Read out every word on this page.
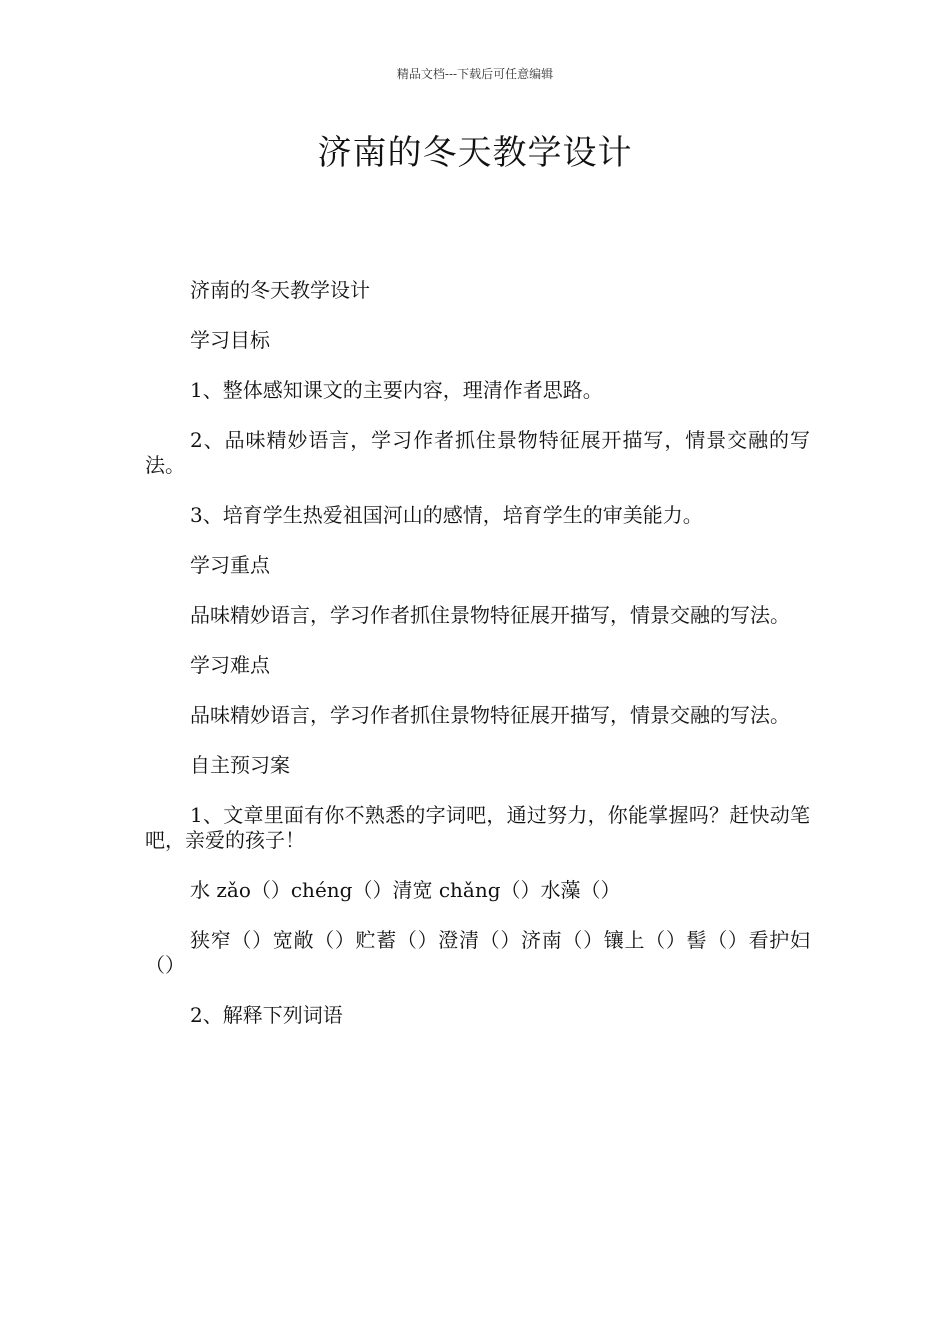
精品文档---下载后可任意编辑
济南的冬天教学设计

济南的冬天教学设计

学习目标

1、整体感知课文的主要内容，理清作者思路。

2、品味精妙语言，学习作者抓住景物特征展开描写，情景交融的写法。

3、培育学生热爱祖国河山的感情，培育学生的审美能力。

学习重点

品味精妙语言，学习作者抓住景物特征展开描写，情景交融的写法。

学习难点

品味精妙语言，学习作者抓住景物特征展开描写，情景交融的写法。

自主预习案

1、文章里面有你不熟悉的字词吧，通过努力，你能掌握吗？赶快动笔吧，亲爱的孩子！

水 zǎo（）chéng（）清宽 chǎng（）水藻（）

狭窄（）宽敞（）贮蓄（）澄清（）济南（）镶上（）髻（）看护妇（）

2、解释下列词语
